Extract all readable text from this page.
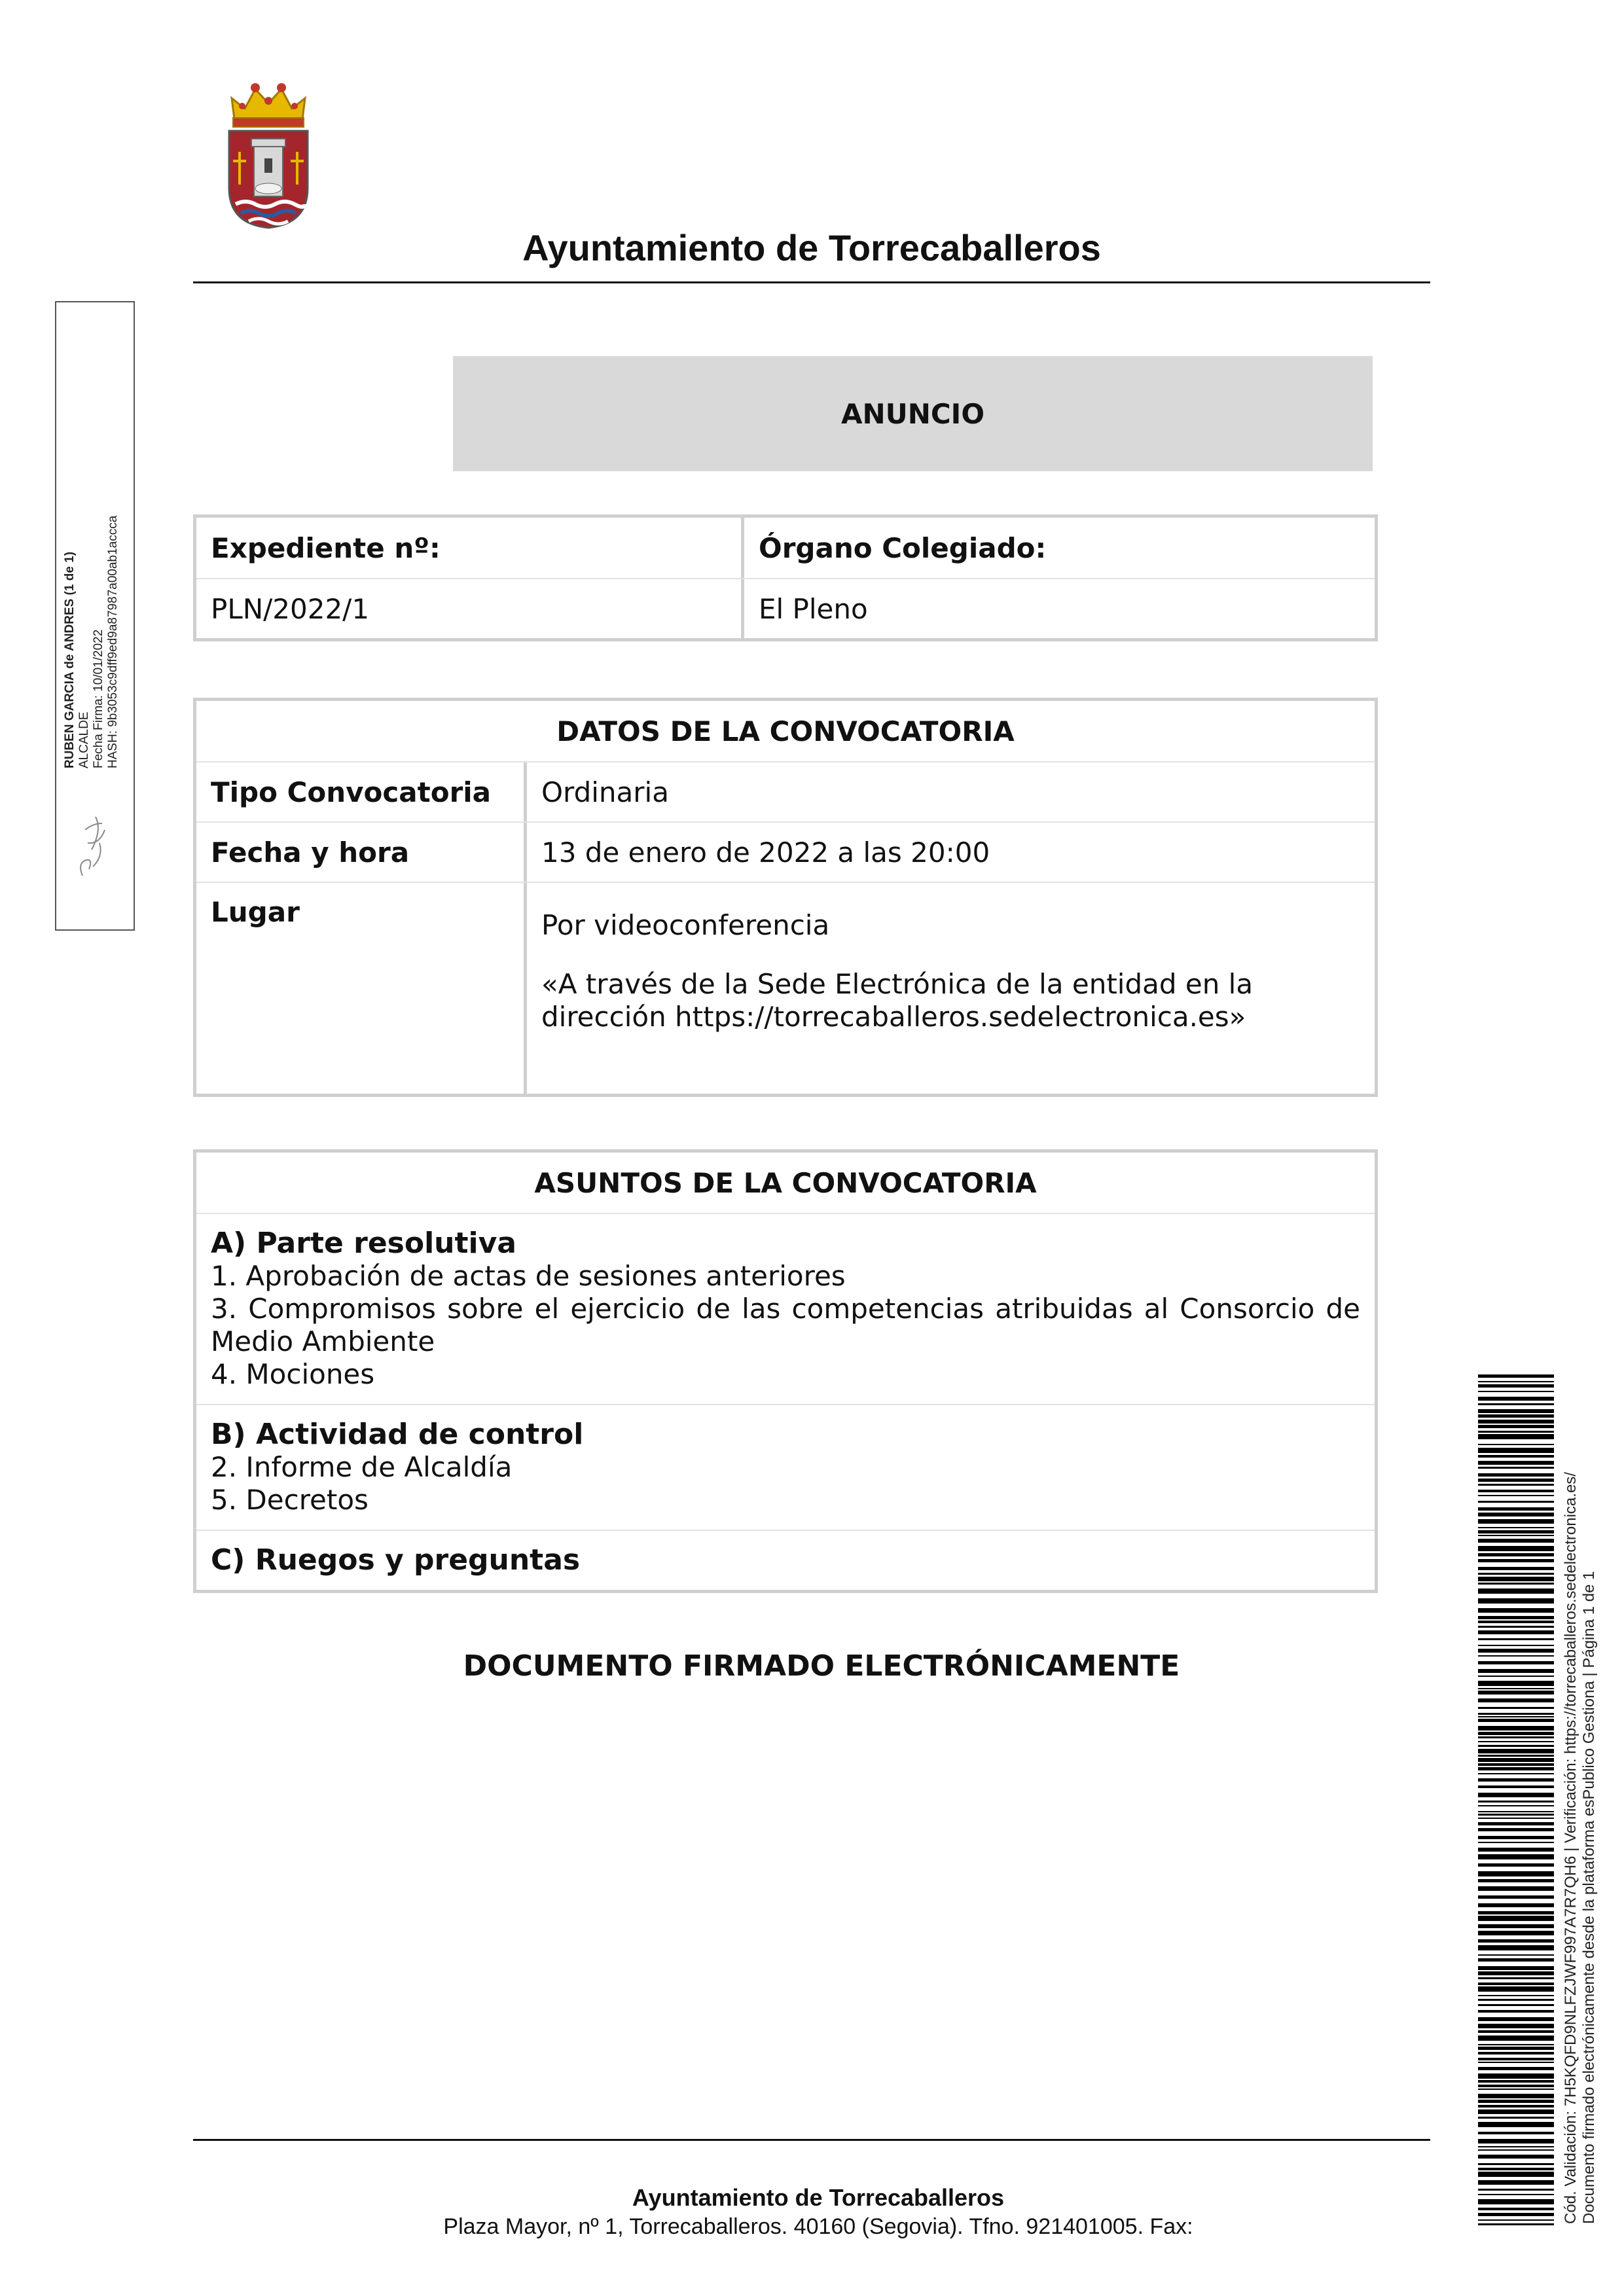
Ayuntamiento de Torrecaballeros
RUBEN GARCIA de ANDRES (1 de 1) ALCALDE Fecha Firma: 10/01/2022 HASH: 9b3053c9dff9ed9a87987a00ab1accca
ANUNCIO
Expediente nº:	Órgano Colegiado:
PLN/2022/1	El Pleno
DATOS DE LA CONVOCATORIA
Tipo Convocatoria	Ordinaria
Fecha y hora	13 de enero de 2022 a las 20:00
Lugar	Por videoconferencia

«A través de la Sede Electrónica de la entidad en la dirección https://torrecaballeros.sedelectronica.es»

ASUNTOS DE LA CONVOCATORIA
A) Parte resolutiva
1. Aprobación de actas de sesiones anteriores
3. Compromisos sobre el ejercicio de las competencias atribuidas al Consorcio de Medio Ambiente
4. Mociones
B) Actividad de control
2. Informe de Alcaldía
5. Decretos
C) Ruegos y preguntas
DOCUMENTO FIRMADO ELECTRÓNICAMENTE	Cód. Validación: 7H5KQFD9NLFZJWF997A7R7QH6 | Verificación: https://torrecaballeros.sedelectronica.es/ Documento firmado electrónicamente desde la plataforma esPublico Gestiona | Página 1 de 1
Ayuntamiento de Torrecaballeros
Plaza Mayor, nº 1, Torrecaballeros. 40160 (Segovia). Tfno. 921401005. Fax:
